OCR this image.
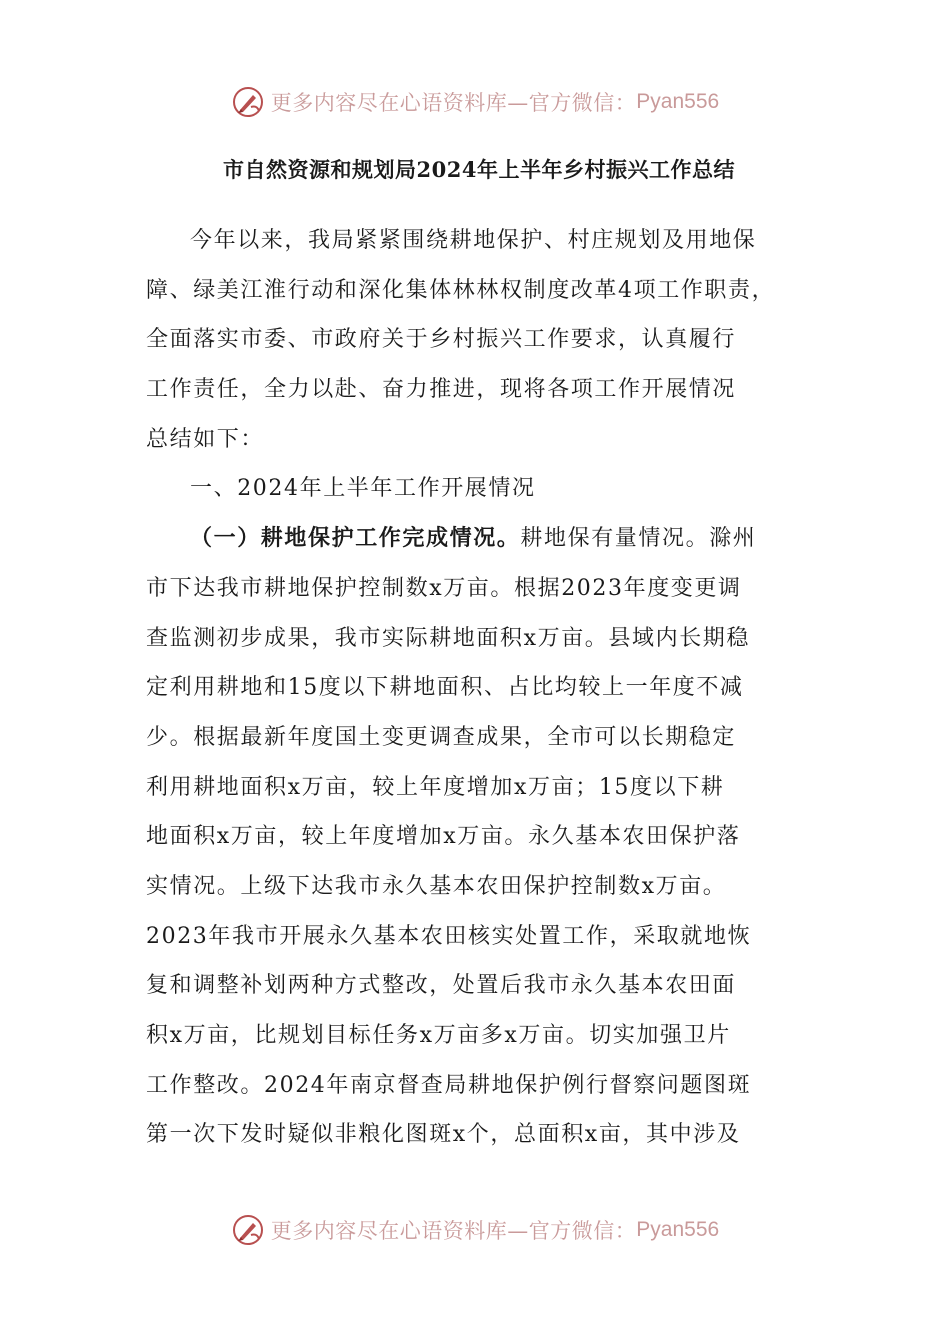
更多内容尽在心语资料库—官方微信： Pyan556
市自然资源和规划局2024年上半年乡村振兴工作总结
今年以来，我局紧紧围绕耕地保护、村庄规划及用地保
障、绿美江淮行动和深化集体林林权制度改革4项工作职责，
全面落实市委、市政府关于乡村振兴工作要求，认真履行
工作责任，全力以赴、奋力推进，现将各项工作开展情况
总结如下：
一、2024年上半年工作开展情况
（一）耕地保护工作完成情况。耕地保有量情况。滁州
市下达我市耕地保护控制数x万亩。根据2023年度变更调
查监测初步成果，我市实际耕地面积x万亩。县域内长期稳
定利用耕地和15度以下耕地面积、占比均较上一年度不减
少。根据最新年度国土变更调查成果，全市可以长期稳定
利用耕地面积x万亩，较上年度增加x万亩；15度以下耕
地面积x万亩，较上年度增加x万亩。永久基本农田保护落
实情况。上级下达我市永久基本农田保护控制数x万亩。
2023年我市开展永久基本农田核实处置工作，采取就地恢
复和调整补划两种方式整改，处置后我市永久基本农田面
积x万亩，比规划目标任务x万亩多x万亩。切实加强卫片
工作整改。2024年南京督查局耕地保护例行督察问题图斑
第一次下发时疑似非粮化图斑x个，总面积x亩，其中涉及
更多内容尽在心语资料库—官方微信： Pyan556
